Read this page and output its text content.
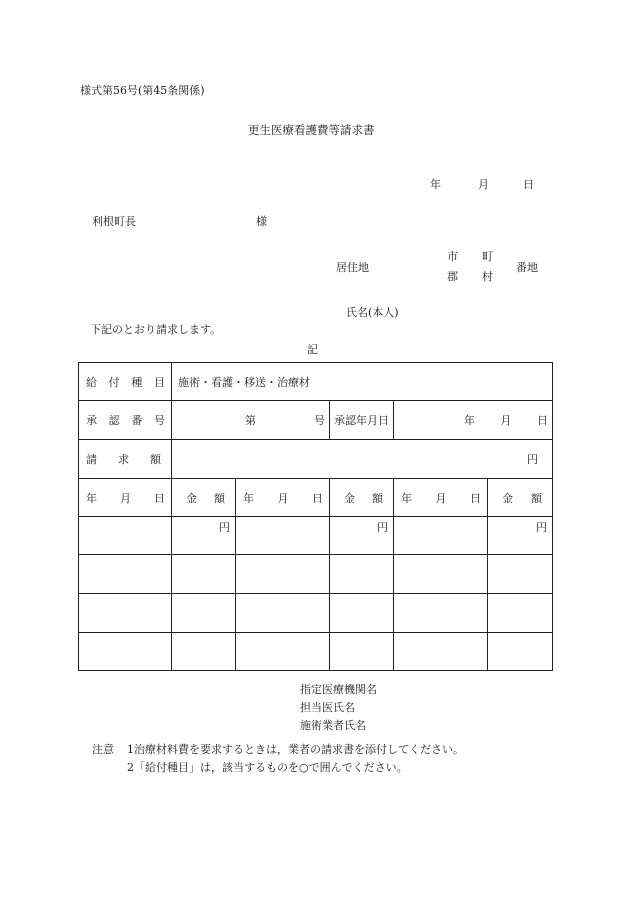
様式第56号(第45条関係)
更生医療看護費等請求書
年	月	日
利根町長	様
居住地
市 町
郡 村
番地
氏名(本人)
下記のとおり請求します。
記
給 付 種 目	施術・看護・移送・治療材				

承 認 番 号	第 号		承認年月日	年 月 日	

請 求 額	円				

年 月 日	金 額	年 月 日	金 額	年 月 日	金 額

	円		円		円

指定医療機関名
担当医氏名
施術業者氏名
注意 1治療材料費を要求するときは，業者の請求書を添付してください。
2「給付種目」は，該当するものを○で囲んでください。
